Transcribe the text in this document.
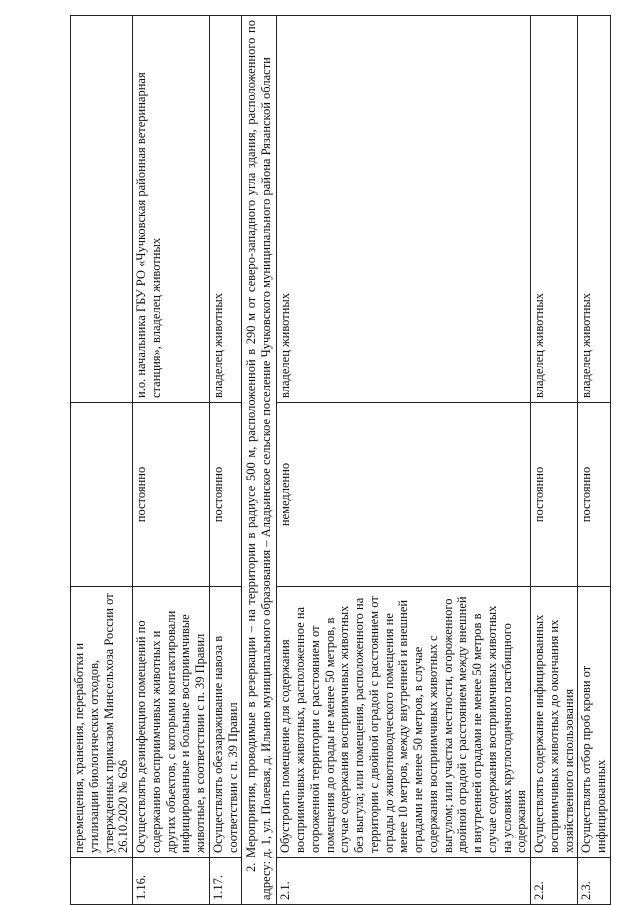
	перемещения, хранения, переработки и утилизации биологических отходов, утвержденных приказом Минсельхоза России от 26.10.2020 № 626		
1.16.	Осуществлять дезинфекцию помещений по содержанию восприимчивых животных и других объектов, с которыми контактировали инфицированные и больные восприимчивые животные, в соответствии с п. 39 Правил	постоянно	и.о. начальника ГБУ РО «Чучковская районная ветеринарная станция», владелец животных
1.17.	Осуществлять обеззараживание навоза в соответствии с п. 39 Правил	постоянно	владелец животных
2. Мероприятия, проводимые в резервации – на территории в радиусе 500 м, расположенной в 290 м от северо-западного угла здания, расположенного по адресу: д. 1, ул. Полевая, д. Ильино муниципального образования – Аладьинское сельское поселение Чучковского муниципального района Рязанской области			
2.1.	Обустроить помещение для содержания восприимчивых животных, расположенное на огороженной территории с расстоянием от помещения до ограды не менее 50 метров, в случае содержания восприимчивых животных без выгула; или помещения, расположенного на территории с двойной оградой с расстоянием от ограды до животноводческого помещения не менее 10 метров, между внутренней и внешней оградами не менее 50 метров, в случае содержания восприимчивых животных с выгулом; или участка местности, огороженного двойной оградой с расстоянием между внешней и внутренней оградами не менее 50 метров в случае содержания восприимчивых животных на условиях круглогодичного пастбищного содержания	немедленно	владелец животных
2.2.	Осуществлять содержание инфицированных восприимчивых животных до окончания их хозяйственного использования	постоянно	владелец животных
2.3.	Осуществлять отбор проб крови от инфицированных	постоянно	владелец животных
